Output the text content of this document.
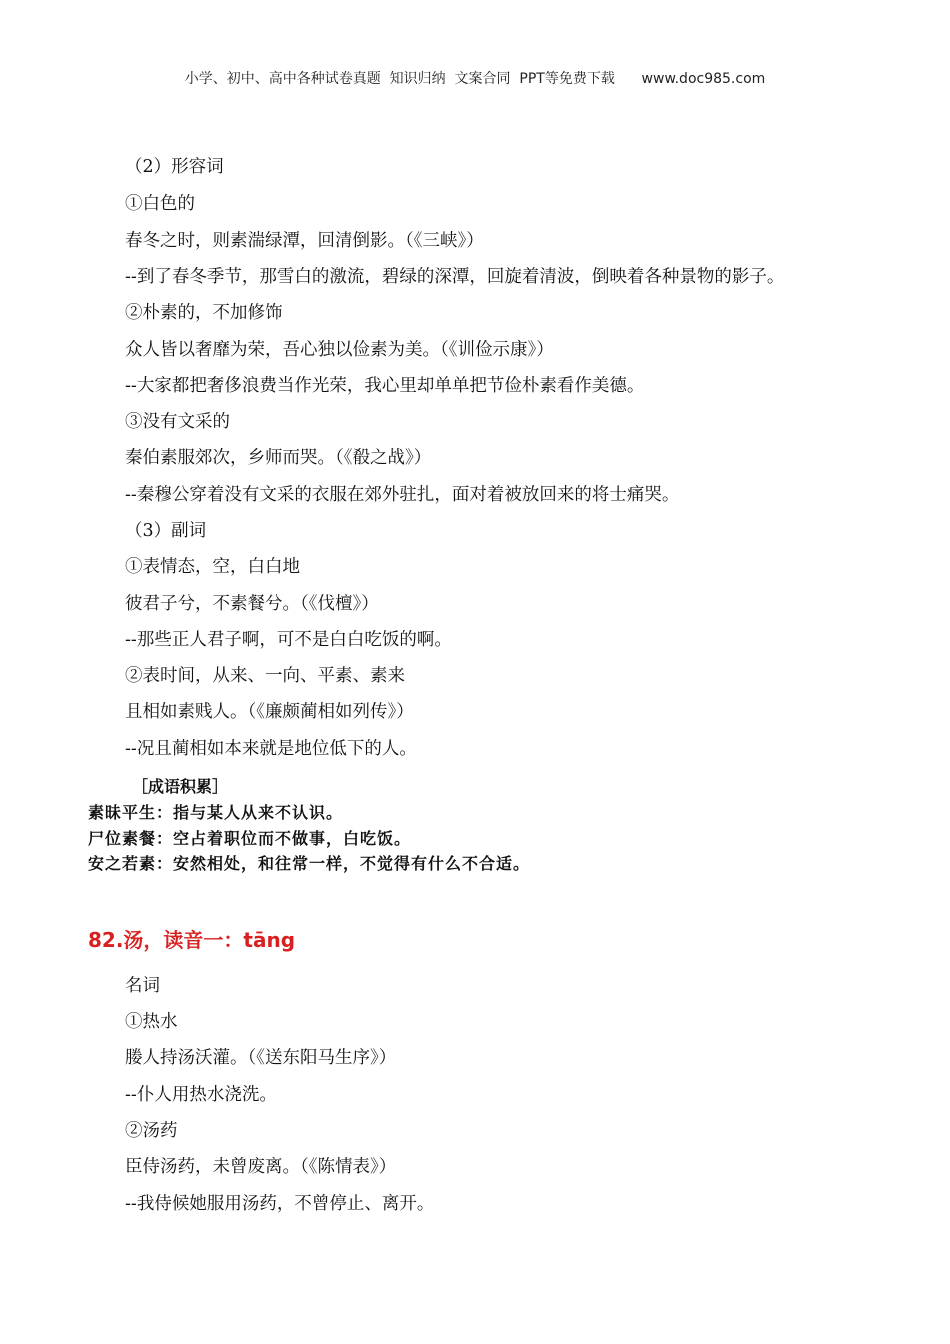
小学、初中、高中各种试卷真题  知识归纳  文案合同  PPT等免费下载      www.doc985.com
（2）形容词
①白色的
春冬之时，则素湍绿潭，回清倒影。（《三峡》）
--到了春冬季节，那雪白的激流，碧绿的深潭，回旋着清波，倒映着各种景物的影子。
②朴素的，不加修饰
众人皆以奢靡为荣，吾心独以俭素为美。（《训俭示康》）
--大家都把奢侈浪费当作光荣，我心里却单单把节俭朴素看作美德。
③没有文采的
秦伯素服郊次，乡师而哭。（《殽之战》）
--秦穆公穿着没有文采的衣服在郊外驻扎，面对着被放回来的将士痛哭。
（3）副词
①表情态，空，白白地
彼君子兮，不素餐兮。（《伐檀》）
--那些正人君子啊，可不是白白吃饭的啊。
②表时间，从来、一向、平素、素来
且相如素贱人。（《廉颇蔺相如列传》）
--况且蔺相如本来就是地位低下的人。
［成语积累］
素昧平生：指与某人从来不认识。
尸位素餐：空占着职位而不做事，白吃饭。
安之若素：安然相处，和往常一样，不觉得有什么不合适。
82.汤，读音一：tāng
名词
①热水
媵人持汤沃灌。（《送东阳马生序》）
--仆人用热水浇洗。
②汤药
臣侍汤药，未曾废离。（《陈情表》）
--我侍候她服用汤药，不曾停止、离开。
